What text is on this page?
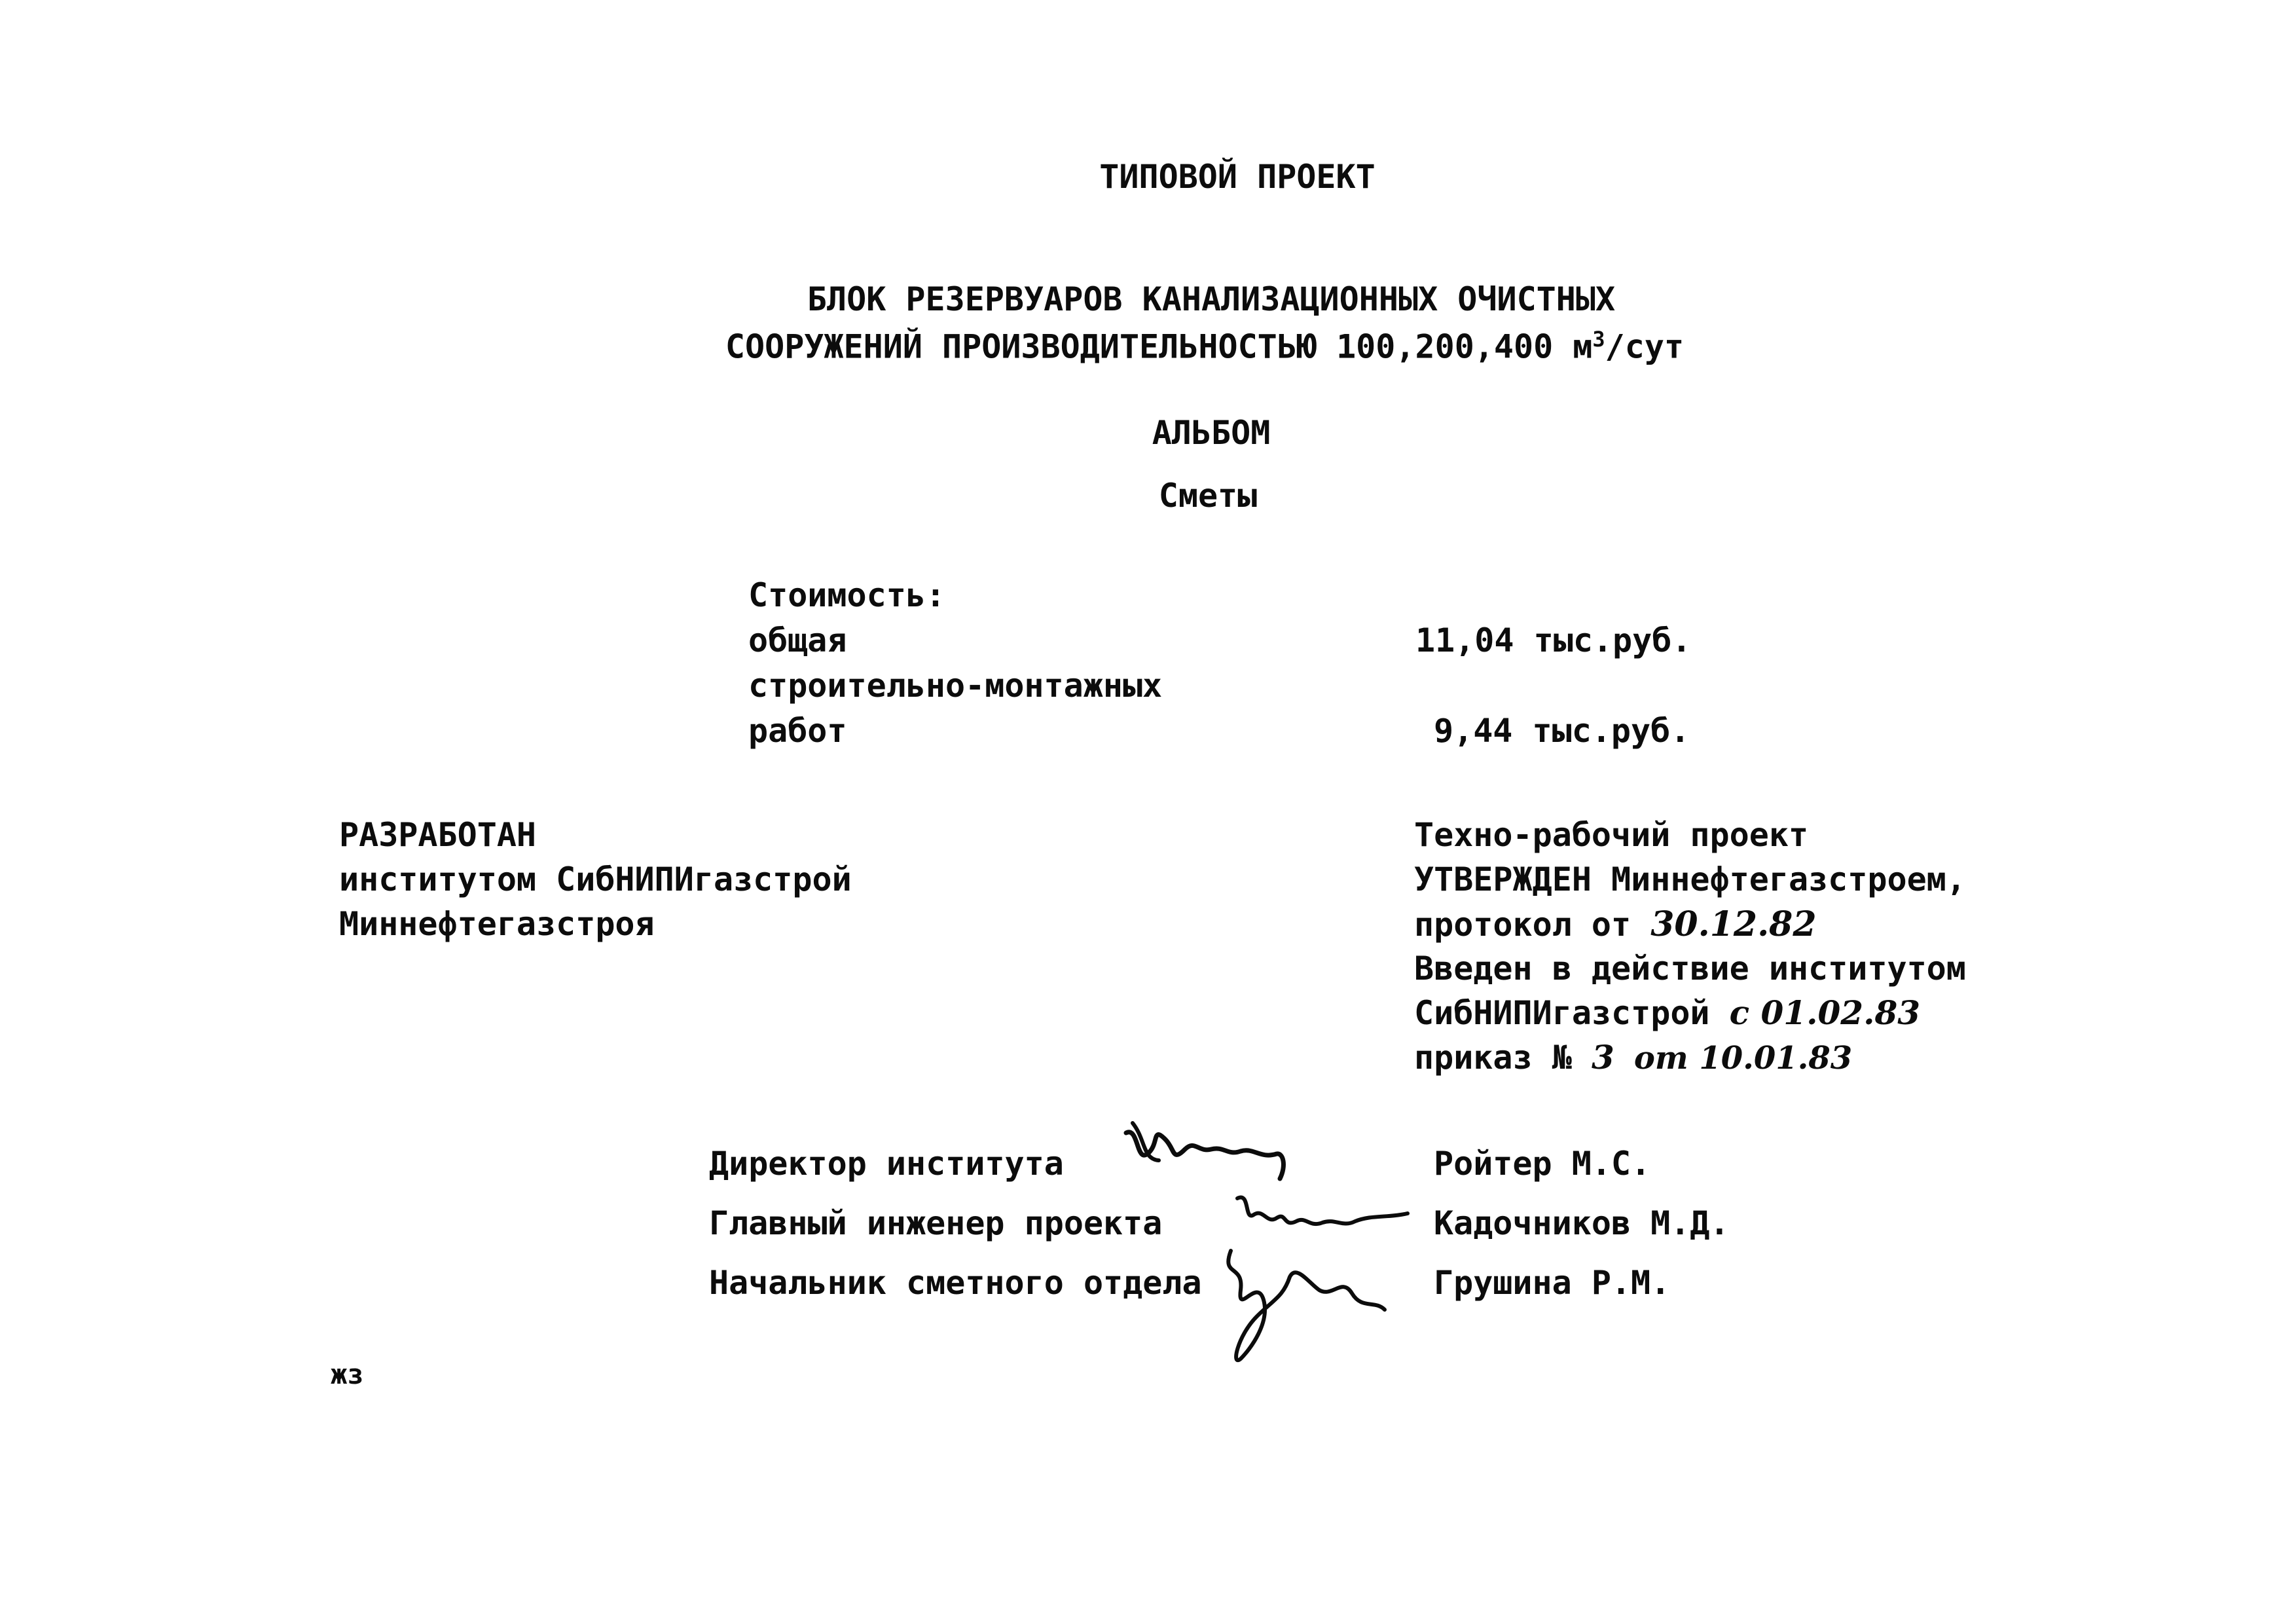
ТИПОВОЙ ПРОЕКТ
БЛОК РЕЗЕРВУАРОВ КАНАЛИЗАЦИОННЫХ ОЧИСТНЫХ
СООРУЖЕНИЙ ПРОИЗВОДИТЕЛЬНОСТЬЮ 100,200,400 $м^3$/сут
АЛЬБОМ
Сметы
Стоимость:
общая	11,04 тыс.руб.
строительно-монтажных
работ	9,44 тыс.руб.
РАЗРАБОТАН
институтом СибНИПИгазстрой
Миннефтегазстроя
Техно-рабочий проект
УТВЕРЖДЕН Миннефтегазстроем,
протокол от 30.12.82
Введен в действие институтом
СибНИПИгазстрой с 01.02.83
приказ № 3 от 10.01.83
Директор института	Ройтер М.С.
Главный инженер проекта	Кадочников М.Д.
Начальник сметного отдела	Грушина Р.М.
жз
